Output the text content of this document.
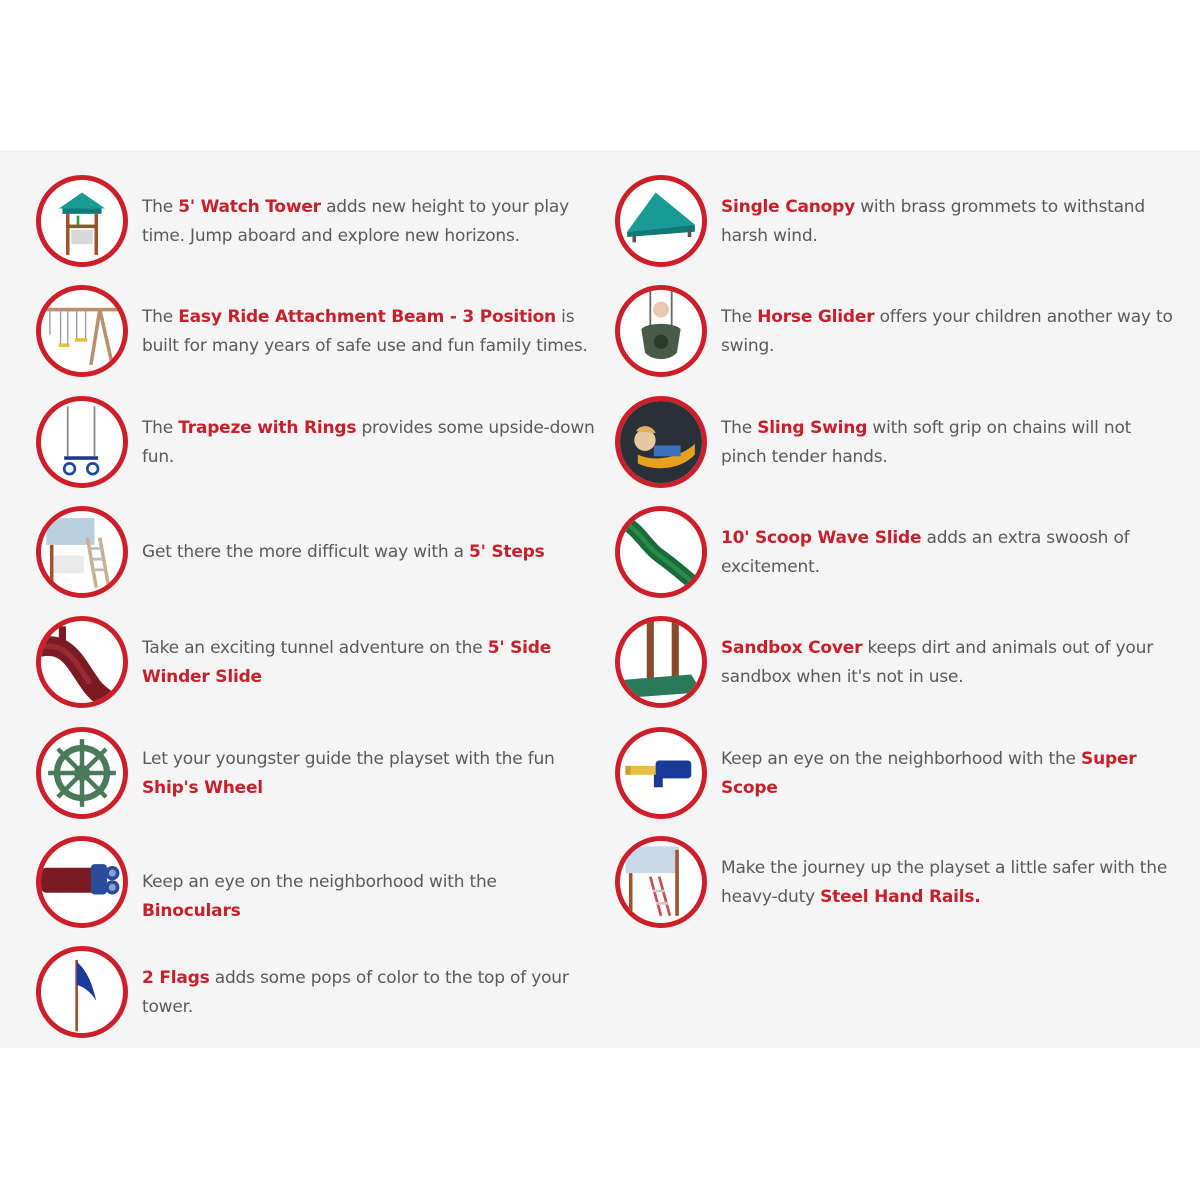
The 5' Watch Tower adds new height to your play time. Jump aboard and explore new horizons.
The Easy Ride Attachment Beam - 3 Position is built for many years of safe use and fun family times.
The Trapeze with Rings provides some upside-down fun.
Get there the more difficult way with a 5' Steps
Take an exciting tunnel adventure on the 5' Side Winder Slide
Let your youngster guide the playset with the fun Ship's Wheel
Keep an eye on the neighborhood with the Binoculars
2 Flags adds some pops of color to the top of your tower.
Single Canopy with brass grommets to withstand harsh wind.
The Horse Glider offers your children another way to swing.
The Sling Swing with soft grip on chains will not pinch tender hands.
10' Scoop Wave Slide adds an extra swoosh of excitement.
Sandbox Cover keeps dirt and animals out of your sandbox when it's not in use.
Keep an eye on the neighborhood with the Super Scope
Make the journey up the playset a little safer with the heavy-duty Steel Hand Rails.
